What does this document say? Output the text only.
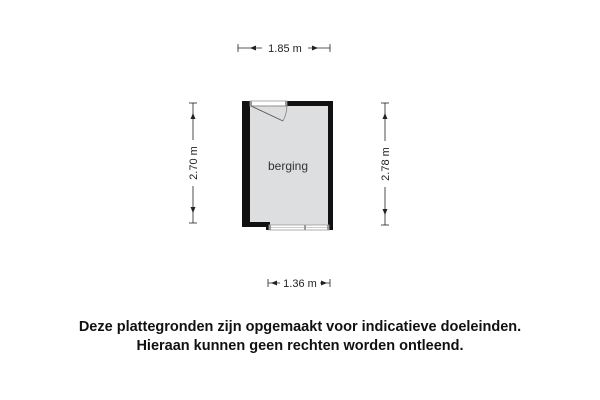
1.85 m
2.70 m	2.78 m
1.36 m
berging
Deze plattegronden zijn opgemaakt voor indicatieve doeleinden.
Hieraan kunnen geen rechten worden ontleend.
